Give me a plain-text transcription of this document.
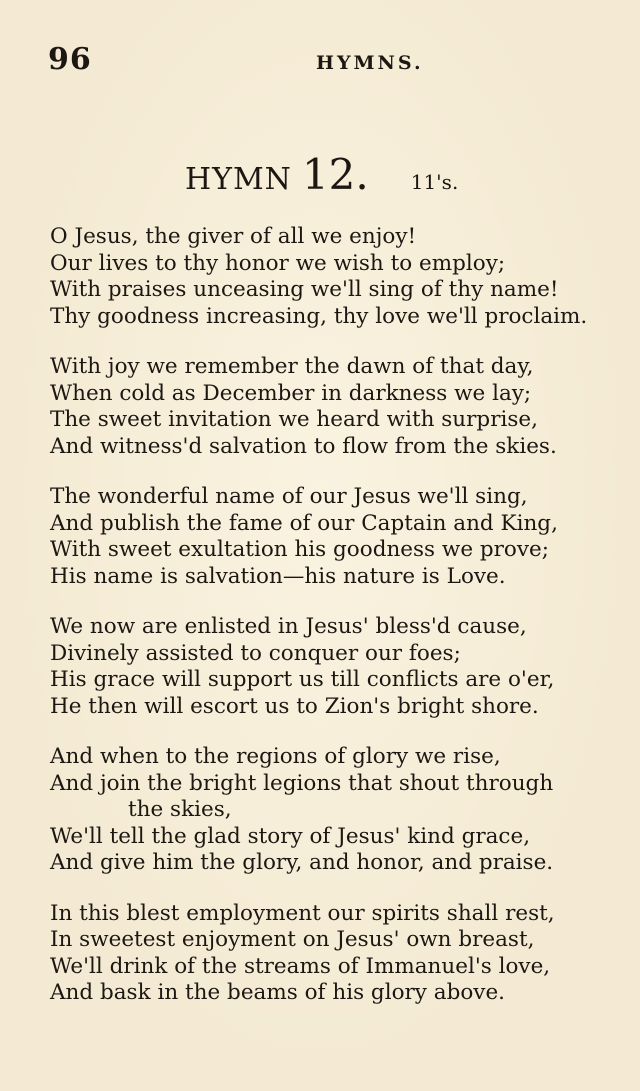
96	HYMNS.
HYMN 12. 11's.
O Jesus, the giver of all we enjoy!
Our lives to thy honor we wish to employ;
With praises unceasing we'll sing of thy name!
Thy goodness increasing, thy love we'll proclaim.
With joy we remember the dawn of that day,
When cold as December in darkness we lay;
The sweet invitation we heard with surprise,
And witness'd salvation to flow from the skies.
The wonderful name of our Jesus we'll sing,
And publish the fame of our Captain and King,
With sweet exultation his goodness we prove;
His name is salvation—his nature is Love.
We now are enlisted in Jesus' bless'd cause,
Divinely assisted to conquer our foes;
His grace will support us till conflicts are o'er,
He then will escort us to Zion's bright shore.
And when to the regions of glory we rise,
And join the bright legions that shout through
the skies,
We'll tell the glad story of Jesus' kind grace,
And give him the glory, and honor, and praise.
In this blest employment our spirits shall rest,
In sweetest enjoyment on Jesus' own breast,
We'll drink of the streams of Immanuel's love,
And bask in the beams of his glory above.
